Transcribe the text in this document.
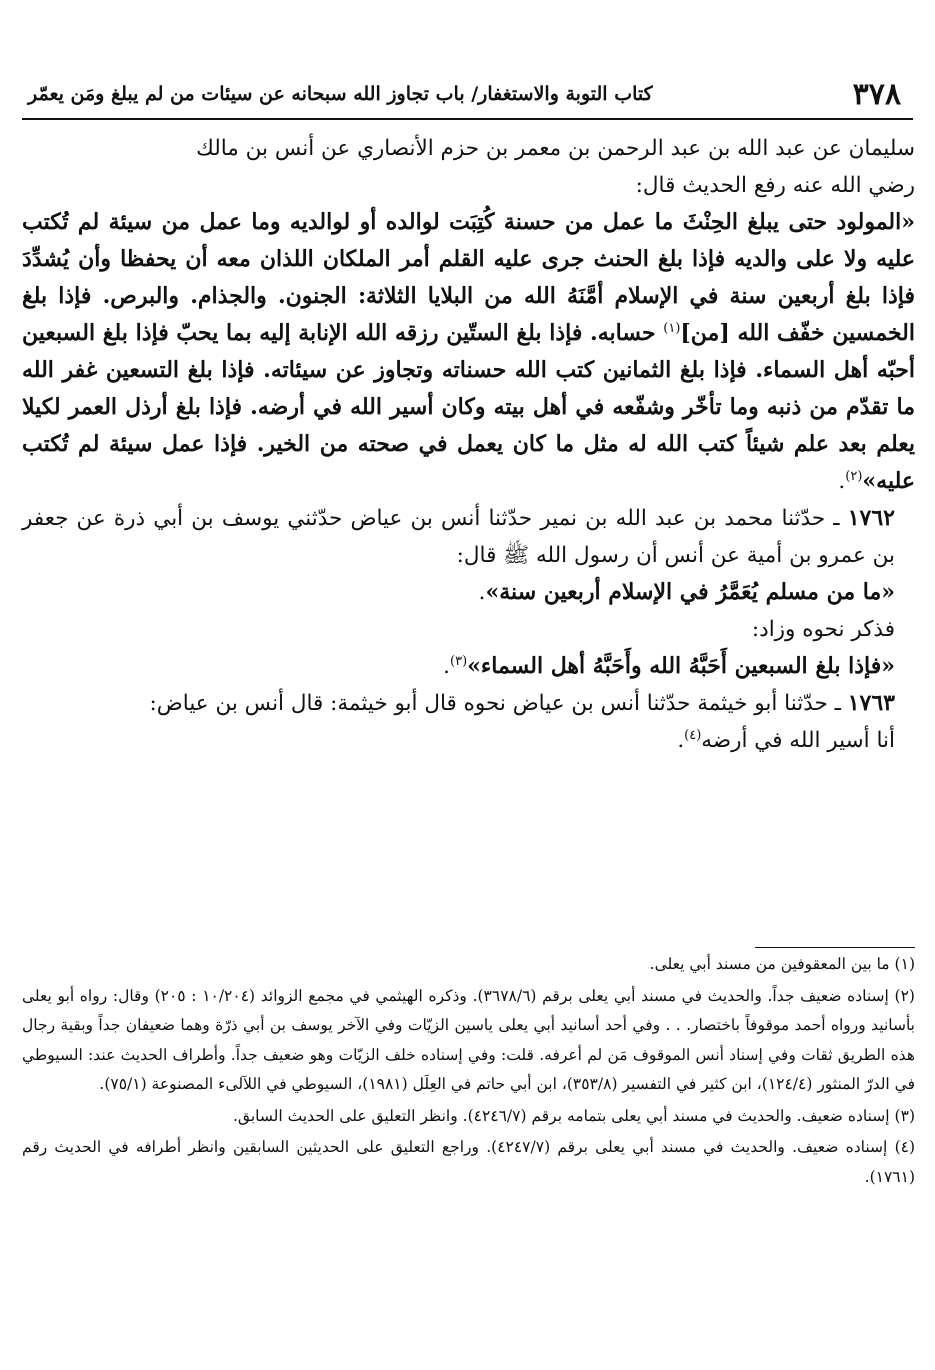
٣٧٨
كتاب التوبة والاستغفار/ باب تجاوز الله سبحانه عن سيئات من لم يبلغ ومَن يعمّر

سليمان عن عبد الله بن عبد الرحمن بن معمر بن حزم الأنصاري عن أنس بن مالك

رضي الله عنه رفع الحديث قال:

«المولود حتى يبلغ الحِنْثَ ما عمل من حسنة كُتِبَت لوالده أو لوالديه وما عمل من سيئة لم تُكتب عليه ولا على والديه فإذا بلغ الحنث جرى عليه القلم أمر الملكان اللذان معه أن يحفظا وأن يُشدِّدَ فإذا بلغ أربعين سنة في الإسلام أمَّنَهُ الله من البلايا الثلاثة: الجنون. والجذام. والبرص. فإذا بلغ الخمسين خفّف الله [من]$^{(١)}$ حسابه. فإذا بلغ الستّين رزقه الله الإنابة إليه بما يحبّ فإذا بلغ السبعين أحبّه أهل السماء. فإذا بلغ الثمانين كتب الله حسناته وتجاوز عن سيئاته. فإذا بلغ التسعين غفر الله ما تقدّم من ذنبه وما تأخّر وشفّعه في أهل بيته وكان أسير الله في أرضه. فإذا بلغ أرذل العمر لكيلا يعلم بعد علم شيئاً كتب الله له مثل ما كان يعمل في صحته من الخير. فإذا عمل سيئة لم تُكتب عليه»$^{(٢)}$.

١٧٦٢ ـ حدّثنا محمد بن عبد الله بن نمير حدّثنا أنس بن عياض حدّثني يوسف بن أبي ذرة عن جعفر بن عمرو بن أمية عن أنس أن رسول الله ﷺ قال:

«ما من مسلم يُعَمَّرُ في الإسلام أربعين سنة».

فذكر نحوه وزاد:

«فإذا بلغ السبعين أَحَبَّهُ الله وأَحَبَّهُ أهل السماء»$^{(٣)}$.

١٧٦٣ ـ حدّثنا أبو خيثمة حدّثنا أنس بن عياض نحوه قال أبو خيثمة: قال أنس بن عياض:

أنا أسير الله في أرضه$^{(٤)}$.

(١) ما بين المعقوفين من مسند أبي يعلى.

(٢) إسناده ضعيف جداً. والحديث في مسند أبي يعلى برقم (٣٦٧٨/٦). وذكره الهيثمي في مجمع الزوائد (١٠/٢٠٤ : ٢٠٥) وقال: رواه أبو يعلى بأسانيد ورواه أحمد موقوفاً باختصار. . . وفي أحد أسانيد أبي يعلى ياسين الزيّات وفي الآخر يوسف بن أبي ذرّة وهما ضعيفان جداً وبقية رجال هذه الطريق ثقات وفي إسناد أنس الموقوف مَن لم أعرفه. قلت: وفي إسناده خلف الزيّات وهو ضعيف جداً. وأطراف الحديث عند: السيوطي في الدرّ المنثور (١٢٤/٤)، ابن كثير في التفسير (٣٥٣/٨)، ابن أبي حاتم في العِلَل (١٩٨١)، السيوطي في اللآلىء المصنوعة (٧٥/١).

(٣) إسناده ضعيف. والحديث في مسند أبي يعلى بتمامه برقم (٤٢٤٦/٧). وانظر التعليق على الحديث السابق.

(٤) إسناده ضعيف. والحديث في مسند أبي يعلى برقم (٤٢٤٧/٧). وراجع التعليق على الحديثين السابقين وانظر أطرافه في الحديث رقم (١٧٦١).
